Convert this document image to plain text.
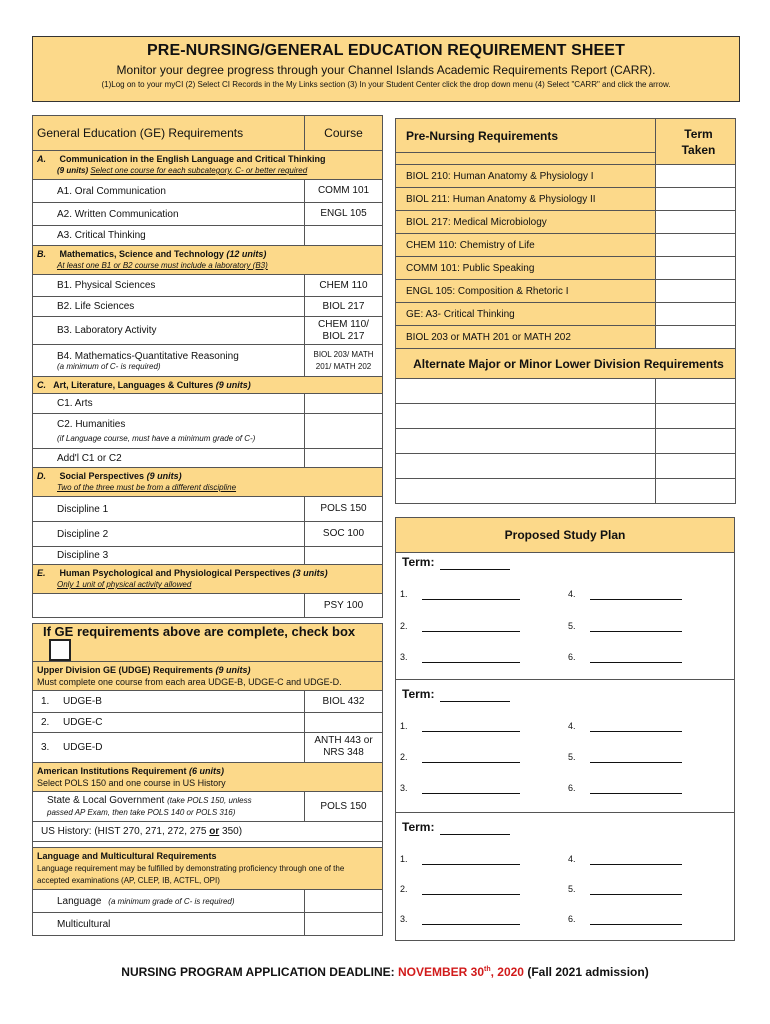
PRE-NURSING/GENERAL EDUCATION REQUIREMENT SHEET
Monitor your degree progress through your Channel Islands Academic Requirements Report (CARR).
(1)Log on to your myCI (2) Select CI Records in the My Links section (3) In your Student Center click the drop down menu (4) Select "CARR" and click the arrow.
General Education (GE) Requirements	Course
A. Communication in the English Language and Critical Thinking
(9 units) Select one course for each subcategory. C- or better required	

A1. Oral Communication	COMM 101
A2. Written Communication	ENGL 105
A3. Critical Thinking	
B. Mathematics, Science and Technology (12 units)
At least one B1 or B2 course must include a laboratory (B3)	

B1. Physical Sciences	CHEM 110
B2. Life Sciences	BIOL 217
B3. Laboratory Activity	CHEM 110/
BIOL 217
B4. Mathematics-Quantitative Reasoning
(a minimum of C- is required)	BIOL 203/ MATH
201/ MATH 202
C. Art, Literature, Languages & Cultures (9 units)	
C1. Arts	
C2. Humanities
(if Language course, must have a minimum grade of C-)	

Add'l C1 or C2	
D. Social Perspectives (9 units)
Two of the three must be from a different discipline	

Discipline 1	POLS 150
Discipline 2	SOC 100
Discipline 3	
E. Human Psychological and Physiological Perspectives (3 units)
Only 1 unit of physical activity allowed	

	PSY 100

If GE requirements above are complete, check box	
Upper Division GE (UDGE) Requirements (9 units)
Must complete one course from each area UDGE-B, UDGE-C and UDGE-D.	
1. UDGE-B	BIOL 432
2. UDGE-C	
3. UDGE-D	ANTH 443 or NRS 348
American Institutions Requirement (6 units)
Select POLS 150 and one course in US History	
State & Local Government (take POLS 150, unless
passed AP Exam, then take POLS 140 or POLS 316)	POLS 150
US History: (HIST 270, 271, 272, 275 or 350)	

Language and Multicultural Requirements
Language requirement may be fulfilled by demonstrating proficiency through one of the accepted examinations (AP, CLEP, IB, ACTFL, OPI)	
Language (a minimum grade of C- is required)	
Multicultural	
Pre-Nursing Requirements	Term
Taken

BIOL 210: Human Anatomy & Physiology I	
BIOL 211: Human Anatomy & Physiology II	
BIOL 217: Medical Microbiology	
CHEM 110: Chemistry of Life	
COMM 101: Public Speaking	
ENGL 105: Composition & Rhetoric I	
GE: A3- Critical Thinking	
BIOL 203 or MATH 201 or MATH 202	
Alternate Major or Minor Lower Division Requirements	

Proposed Study Plan
Term:
1.	4.
2.	5.
3.	6.
Term:
1.	4.
2.	5.
3.	6.
Term:
1.	4.
2.	5.
3.	6.
NURSING PROGRAM APPLICATION DEADLINE: NOVEMBER 30th, 2020 (Fall 2021 admission)
